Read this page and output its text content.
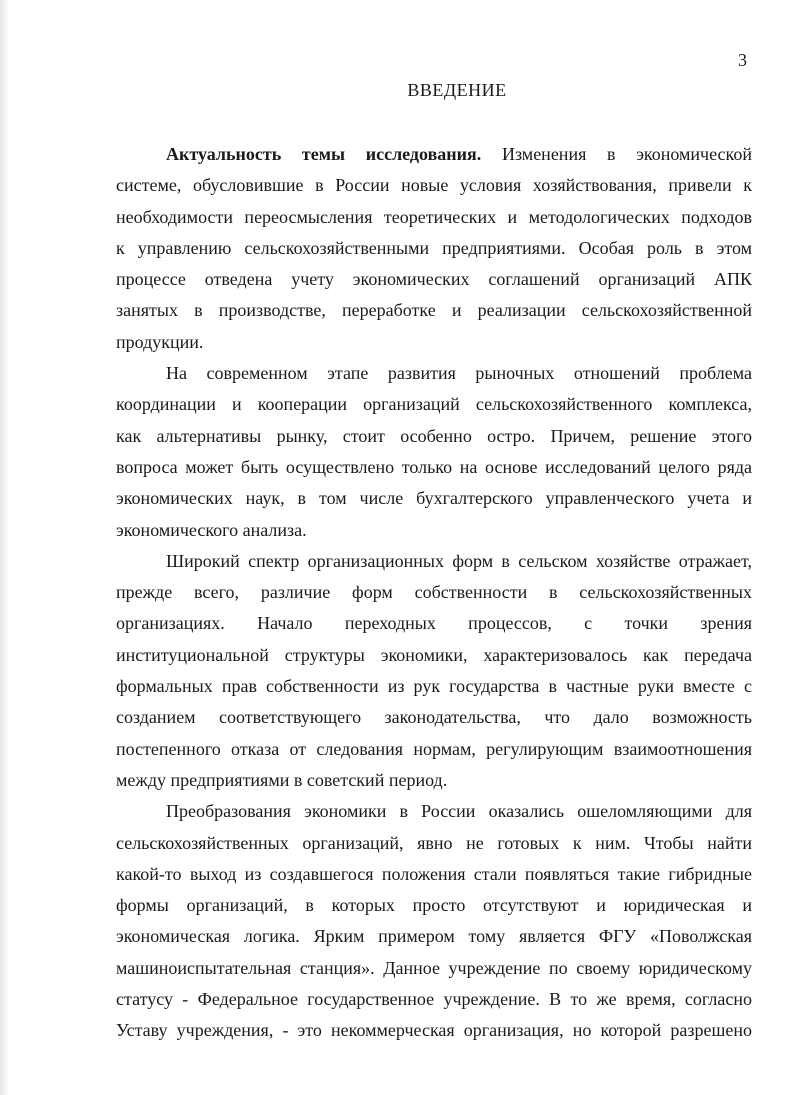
3
ВВЕДЕНИЕ
Актуальность темы исследования. Изменения в экономической
системе, обусловившие в России новые условия хозяйствования, привели к
необходимости переосмысления теоретических и методологических подходов
к управлению сельскохозяйственными предприятиями. Особая роль в этом
процессе отведена учету экономических соглашений организаций АПК
занятых в производстве, переработке и реализации сельскохозяйственной
продукции.
На современном этапе развития рыночных отношений проблема
координации и кооперации организаций сельскохозяйственного комплекса,
как альтернативы рынку, стоит особенно остро. Причем, решение этого
вопроса может быть осуществлено только на основе исследований целого ряда
экономических наук, в том числе бухгалтерского управленческого учета и
экономического анализа.
Широкий спектр организационных форм в сельском хозяйстве отражает,
прежде всего, различие форм собственности в сельскохозяйственных
организациях. Начало переходных процессов, с точки зрения
институциональной структуры экономики, характеризовалось как передача
формальных прав собственности из рук государства в частные руки вместе с
созданием соответствующего законодательства, что дало возможность
постепенного отказа от следования нормам, регулирующим взаимоотношения
между предприятиями в советский период.
Преобразования экономики в России оказались ошеломляющими для
сельскохозяйственных организаций, явно не готовых к ним. Чтобы найти
какой-то выход из создавшегося положения стали появляться такие гибридные
формы организаций, в которых просто отсутствуют и юридическая и
экономическая логика. Ярким примером тому является ФГУ «Поволжская
машиноиспытательная станция». Данное учреждение по своему юридическому
статусу - Федеральное государственное учреждение. В то же время, согласно
Уставу учреждения, - это некоммерческая организация, но которой разрешено
